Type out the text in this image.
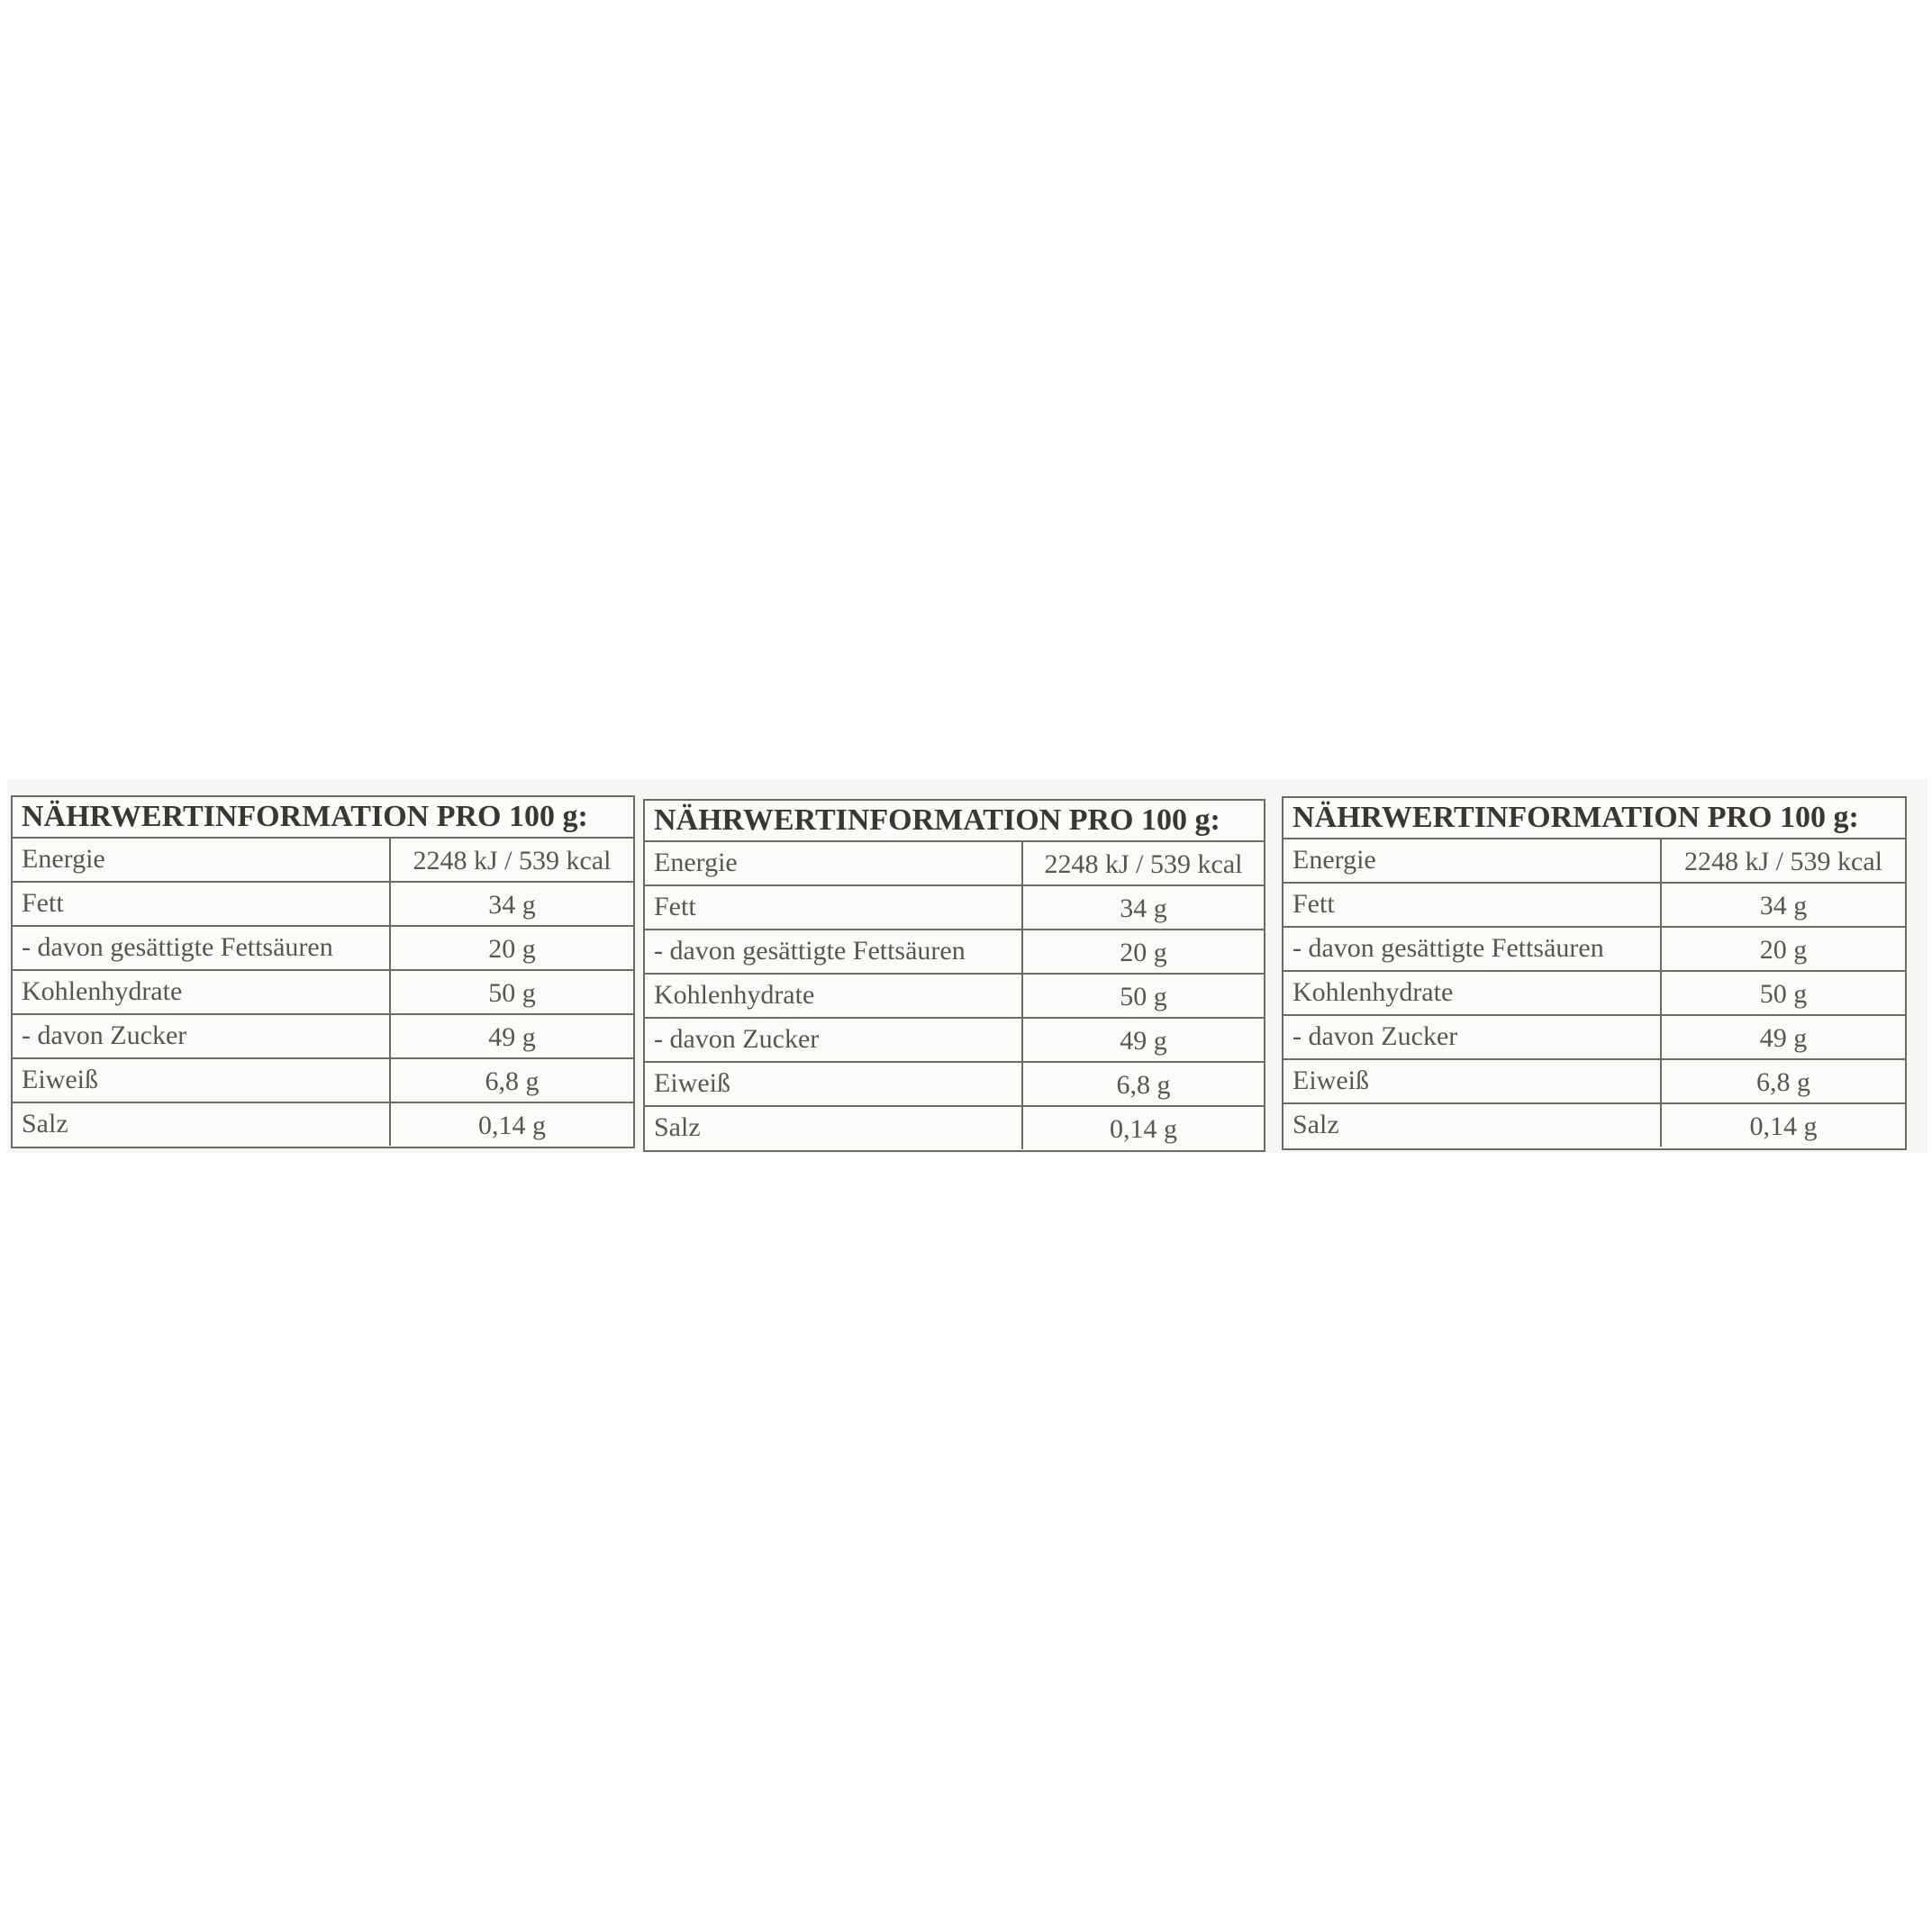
NÄHRWERTINFORMATION PRO 100 g:
Energie	2248 kJ / 539 kcal
Fett	34 g
- davon gesättigte Fettsäuren	20 g
Kohlenhydrate	50 g
- davon Zucker	49 g
Eiweiß	6,8 g
Salz	0,14 g
NÄHRWERTINFORMATION PRO 100 g:
Energie	2248 kJ / 539 kcal
Fett	34 g
- davon gesättigte Fettsäuren	20 g
Kohlenhydrate	50 g
- davon Zucker	49 g
Eiweiß	6,8 g
Salz	0,14 g
NÄHRWERTINFORMATION PRO 100 g:
Energie	2248 kJ / 539 kcal
Fett	34 g
- davon gesättigte Fettsäuren	20 g
Kohlenhydrate	50 g
- davon Zucker	49 g
Eiweiß	6,8 g
Salz	0,14 g
